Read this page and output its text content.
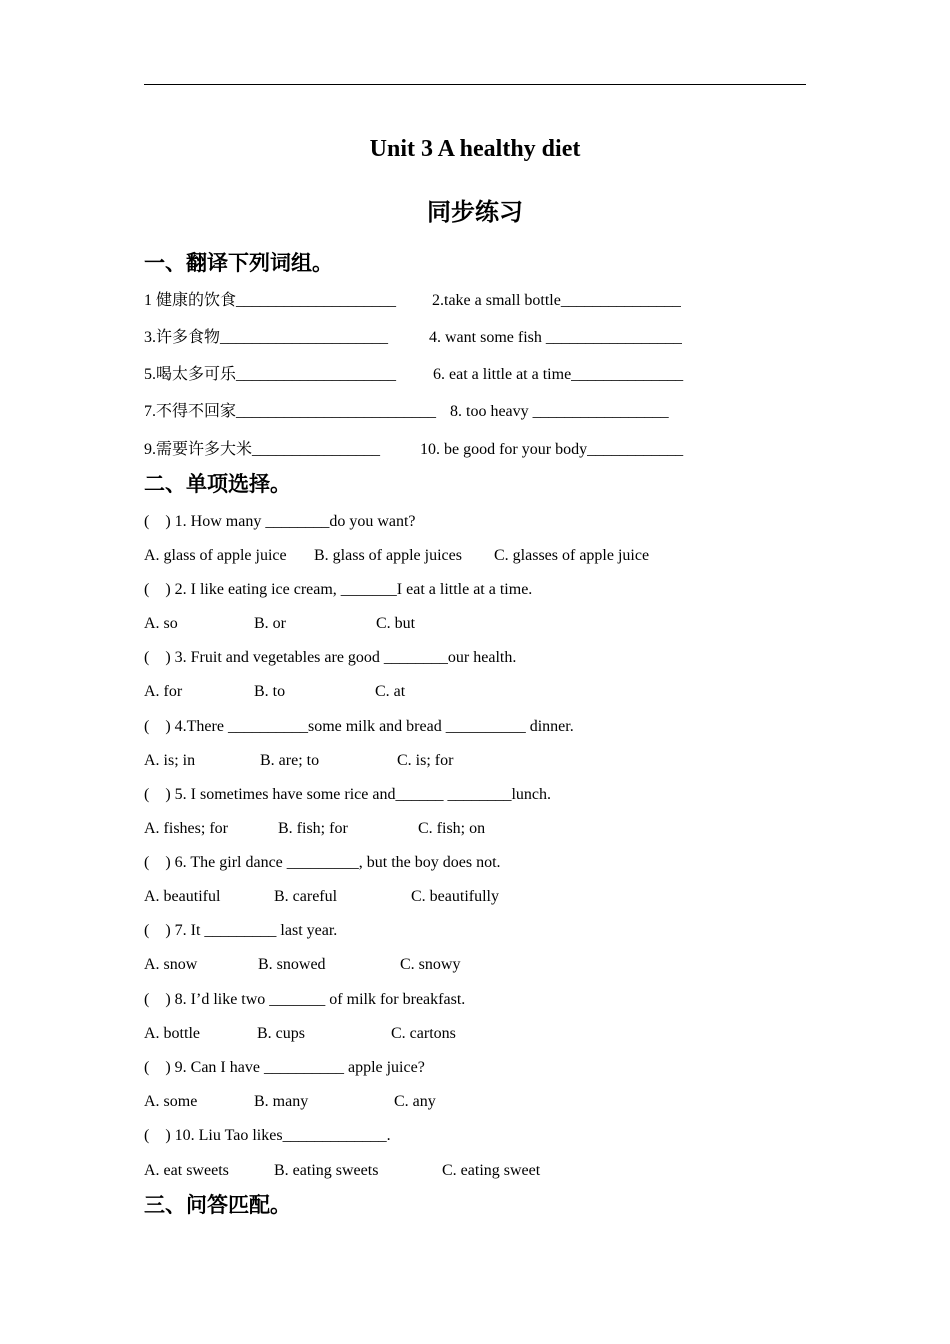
Unit 3 A healthy diet
同步练习
一、翻译下列词组。

1 健康的饮食____________________

2.take a small bottle_______________

3.许多食物_____________________

	4. want some fish _________________

5.喝太多可乐____________________

6. eat a little at a time______________

7.不得不回家_________________________

8. too heavy _________________

9.需要许多大米________________

10. be good for your body____________

二、单项选择。
(    ) 1. How many ________do you want?

A. glass of apple juice

B. glass of apple juices

C. glasses of apple juice

(    ) 2. I like eating ice cream, _______I eat a little at a time.

A. so

	B. or

	C. but

(    ) 3. Fruit and vegetables are good ________our health.

A. for

	B. to

	C. at

(    ) 4.There __________some milk and bread __________ dinner.

A. is; in

	B. are; to

	C. is; for

(    ) 5. I sometimes have some rice and______ ________lunch.

A. fishes; for

	B. fish; for

	C. fish; on

(    ) 6. The girl dance _________, but the boy does not.

A. beautiful

	B. careful

	C. beautifully

(    ) 7. It _________ last year.

A. snow

	B. snowed

	C. snowy

(    ) 8. I’d like two _______ of milk for breakfast.

A. bottle

	B. cups

	C. cartons

(    ) 9. Can I have __________ apple juice?

A. some

	B. many

	C. any

(    ) 10. Liu Tao likes_____________.

A. eat sweets

	B. eating sweets

	C. eating sweet

三、问答匹配。
